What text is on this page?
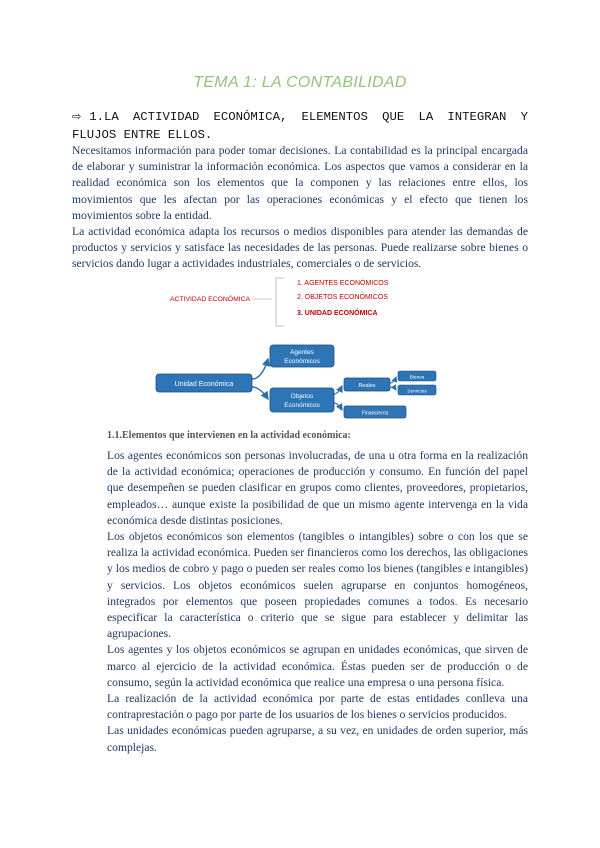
TEMA 1: LA CONTABILIDAD
⇨ 1.LA ACTIVIDAD ECONÓMICA, ELEMENTOS QUE LA INTEGRAN Y FLUJOS ENTRE ELLOS.

Necesitamos información para poder tomar decisiones. La contabilidad es la principal encargada de elaborar y suministrar la información económica. Los aspectos que vamos a considerar en la realidad económica son los elementos que la componen y las relaciones entre ellos, los movimientos que les afectan por las operaciones económicas y el efecto que tienen los movimientos sobre la entidad.

La actividad económica adapta los recursos o medios disponibles para atender las demandas de productos y servicios y satisface las necesidades de las personas. Puede realizarse sobre bienes o servicios dando lugar a actividades industriales, comerciales o de servicios.

ACTIVIDAD ECONÓMICA
1. AGENTES ECONÓMICOS
2. OBJETOS ECONÓMICOS
3. UNIDAD ECONÓMICA
Unidad Económica
Agentes
Económicos
Objetos
Económicos
Reales
Financieros
Bienes
Servicios
1.1.Elementos que intervienen en la actividad económica:

Los agentes económicos son personas involucradas, de una u otra forma en la realización de la actividad económica; operaciones de producción y consumo. En función del papel que desempeñen se pueden clasificar en grupos como clientes, proveedores, propietarios, empleados… aunque existe la posibilidad de que un mismo agente intervenga en la vida económica desde distintas posiciones.

Los objetos económicos son elementos (tangibles o intangibles) sobre o con los que se realiza la actividad económica. Pueden ser financieros como los derechos, las obligaciones y los medios de cobro y pago o pueden ser reales como los bienes (tangibles e intangibles) y servicios. Los objetos económicos suelen agruparse en conjuntos homogéneos, integrados por elementos que poseen propiedades comunes a todos. Es necesario especificar la característica o criterio que se sigue para establecer y delimitar las agrupaciones.

Los agentes y los objetos económicos se agrupan en unidades económicas, que sirven de marco al ejercicio de la actividad económica. Éstas pueden ser de producción o de consumo, según la actividad económica que realice una empresa o una persona física.

La realización de la actividad económica por parte de estas entidades conlleva una contraprestación o pago por parte de los usuarios de los bienes o servicios producidos.

Las unidades económicas pueden agruparse, a su vez, en unidades de orden superior, más complejas.
